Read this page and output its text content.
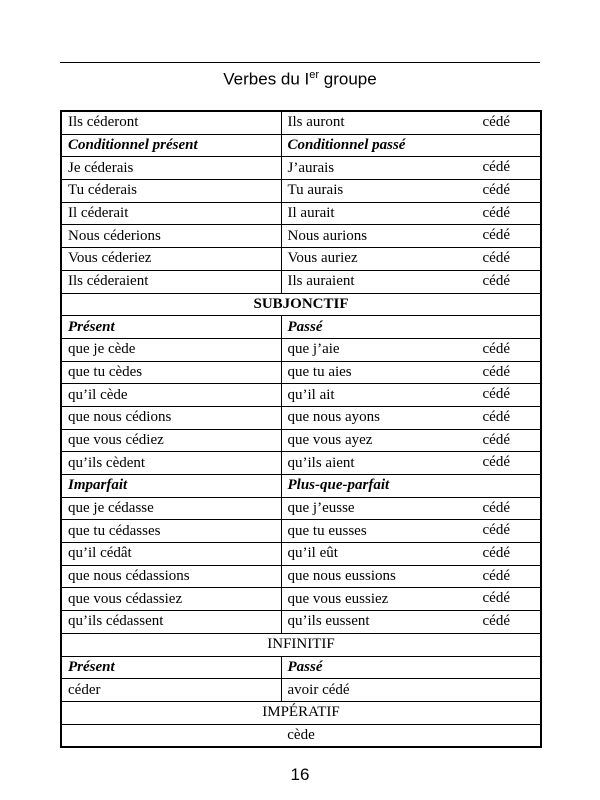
Verbes du Ier groupe
Ils céderont	Ils auront cédé

Conditionnel présent	Conditionnel passé
Je céderais	J’aurais cédé

Tu céderais	Tu aurais cédé

Il céderait	Il aurait cédé

Nous céderions	Nous aurions cédé

Vous céderiez	Vous auriez cédé

Ils céderaient	Ils auraient cédé

SUBJONCTIF	
Présent	Passé
que je cède	que j’aie cédé

que tu cèdes	que tu aies cédé

qu’il cède	qu’il ait cédé

que nous cédions	que nous ayons cédé

que vous cédiez	que vous ayez cédé

qu’ils cèdent	qu’ils aient cédé

Imparfait	Plus-que-parfait
que je cédasse	que j’eusse cédé

que tu cédasses	que tu eusses cédé

qu’il cédât	qu’il eût cédé

que nous cédassions	que nous eussions cédé

que vous cédassiez	que vous eussiez cédé

qu’ils cédassent	qu’ils eussent cédé

INFINITIF	
Présent	Passé
céder	avoir cédé
IMPÉRATIF	
cède	
16
